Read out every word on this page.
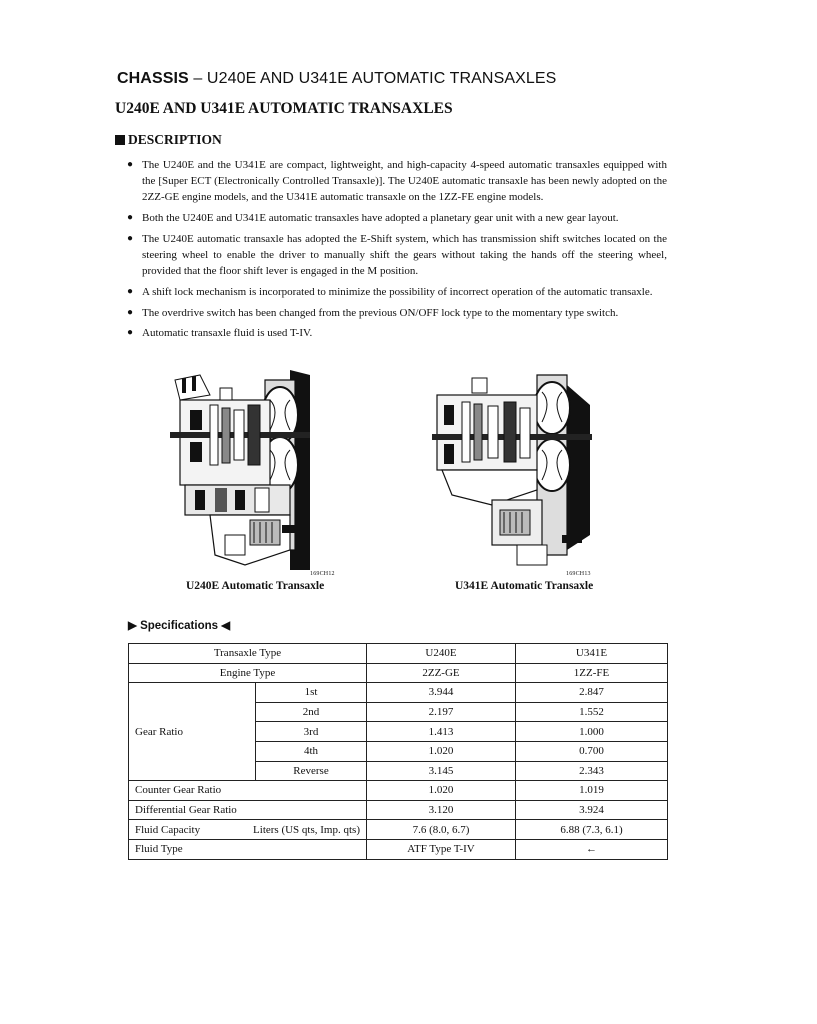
CHASSIS – U240E AND U341E AUTOMATIC TRANSAXLES
U240E AND U341E AUTOMATIC TRANSAXLES
DESCRIPTION
● The U240E and the U341E are compact, lightweight, and high-capacity 4-speed automatic transaxles equipped with the [Super ECT (Electronically Controlled Transaxle)]. The U240E automatic transaxle has been newly adopted on the 2ZZ-GE engine models, and the U341E automatic transaxle on the 1ZZ-FE engine models.
● Both the U240E and U341E automatic transaxles have adopted a planetary gear unit with a new gear layout.
● The U240E automatic transaxle has adopted the E-Shift system, which has transmission shift switches located on the steering wheel to enable the driver to manually shift the gears without taking the hands off the steering wheel, provided that the floor shift lever is engaged in the M position.
● A shift lock mechanism is incorporated to minimize the possibility of incorrect operation of the automatic transaxle.
● The overdrive switch has been changed from the previous ON/OFF lock type to the momentary type switch.
● Automatic transaxle fluid is used T-IV.
169CH12
U240E Automatic Transaxle
169CH13
U341E Automatic Transaxle
▶ Specifications ◀
Transaxle Type		U240E	U341E
Engine Type		2ZZ-GE	1ZZ-FE
Gear Ratio	1st	3.944	2.847
	2nd	2.197	1.552
	3rd	1.413	1.000
	4th	1.020	0.700
	Reverse	3.145	2.343
Counter Gear Ratio		1.020	1.019
Differential Gear Ratio		3.120	3.924

Fluid Capacity Liters (US qts, Imp. qts)		7.6 (8.0, 6.7)	6.88 (7.3, 6.1)
Fluid Type		ATF Type T-IV	←
